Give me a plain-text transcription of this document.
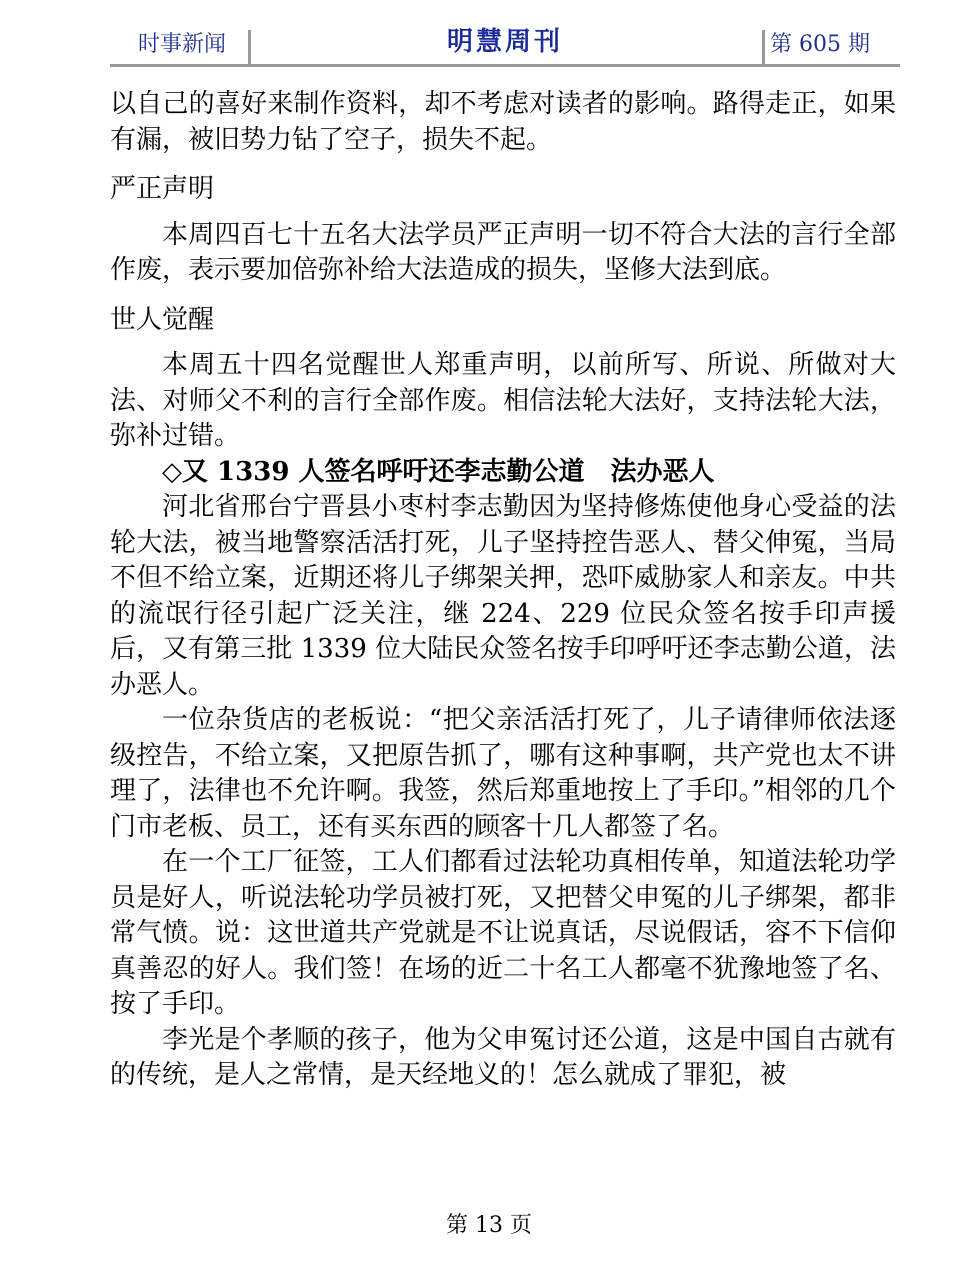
时事新闻	明慧周刊	第 605 期

以自己的喜好来制作资料，却不考虑对读者的影响。路得走正，如果有漏，被旧势力钻了空子，损失不起。

严正声明

本周四百七十五名大法学员严正声明一切不符合大法的言行全部作废，表示要加倍弥补给大法造成的损失，坚修大法到底。

世人觉醒

本周五十四名觉醒世人郑重声明，以前所写、所说、所做对大法、对师父不利的言行全部作废。相信法轮大法好，支持法轮大法，弥补过错。

◇又 1339 人签名呼吁还李志勤公道　法办恶人

河北省邢台宁晋县小枣村李志勤因为坚持修炼使他身心受益的法轮大法，被当地警察活活打死，儿子坚持控告恶人、替父伸冤，当局不但不给立案，近期还将儿子绑架关押，恐吓威胁家人和亲友。中共的流氓行径引起广泛关注，继 224、229 位民众签名按手印声援后，又有第三批 1339 位大陆民众签名按手印呼吁还李志勤公道，法办恶人。

一位杂货店的老板说：“把父亲活活打死了，儿子请律师依法逐级控告，不给立案，又把原告抓了，哪有这种事啊，共产党也太不讲理了，法律也不允许啊。我签，然后郑重地按上了手印。”相邻的几个门市老板、员工，还有买东西的顾客十几人都签了名。

在一个工厂征签，工人们都看过法轮功真相传单，知道法轮功学员是好人，听说法轮功学员被打死，又把替父申冤的儿子绑架，都非常气愤。说：这世道共产党就是不让说真话，尽说假话，容不下信仰真善忍的好人。我们签！在场的近二十名工人都毫不犹豫地签了名、按了手印。

李光是个孝顺的孩子，他为父申冤讨还公道，这是中国自古就有的传统，是人之常情，是天经地义的！怎么就成了罪犯，被

第 13 页
